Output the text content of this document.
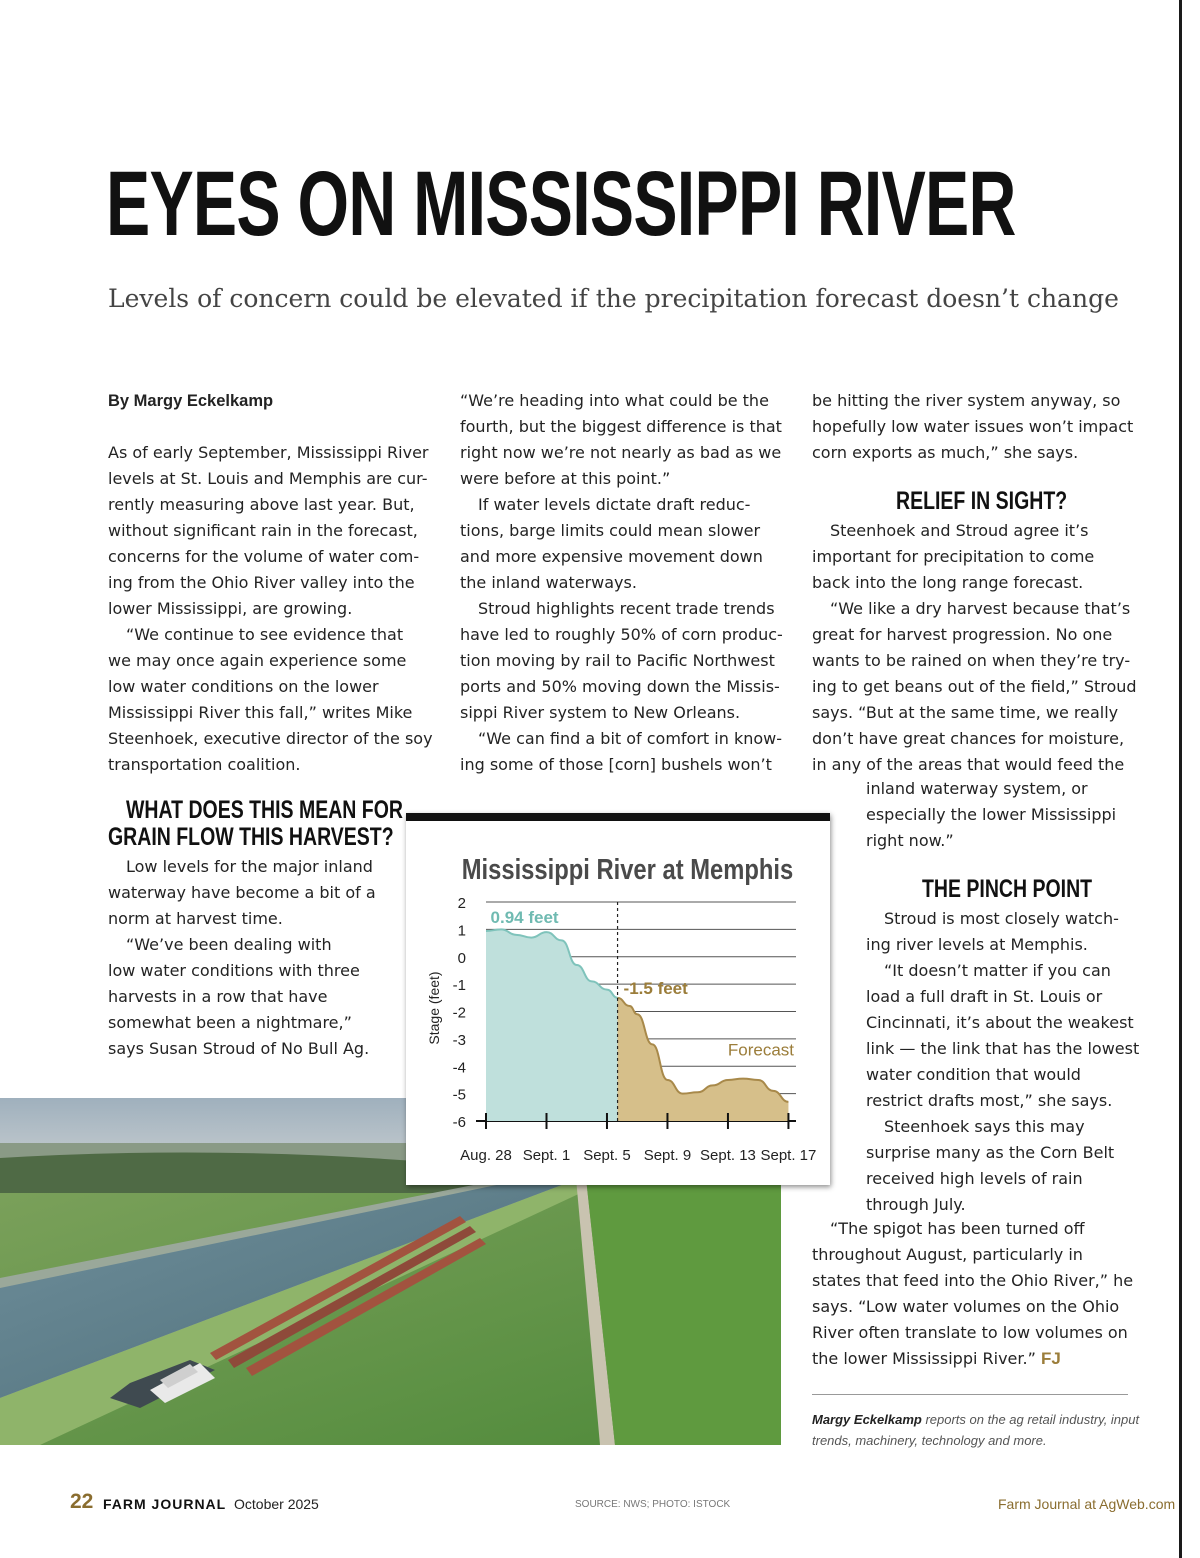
EYES ON MISSISSIPPI RIVER

Levels of concern could be elevated if the precipitation forecast doesn’t change

By Margy Eckelkamp

As of early September, Mississippi River

levels at St. Louis and Memphis are cur-

rently measuring above last year. But,

without significant rain in the forecast,

concerns for the volume of water com-

ing from the Ohio River valley into the

lower Mississippi, are growing.

“We continue to see evidence that

we may once again experience some

low water conditions on the lower

Mississippi River this fall,” writes Mike

Steenhoek, executive director of the soy

transportation coalition.

WHAT DOES THIS MEAN FOR
GRAIN FLOW THIS HARVEST?

Low levels for the major inland

waterway have become a bit of a

norm at harvest time.

“We’ve been dealing with

low water conditions with three

harvests in a row that have

somewhat been a nightmare,”

says Susan Stroud of No Bull Ag.

“We’re heading into what could be the

fourth, but the biggest difference is that

right now we’re not nearly as bad as we

were before at this point.”

If water levels dictate draft reduc-

tions, barge limits could mean slower

and more expensive movement down

the inland waterways.

Stroud highlights recent trade trends

have led to roughly 50% of corn produc-

tion moving by rail to Pacific Northwest

ports and 50% moving down the Missis-

sippi River system to New Orleans.

“We can find a bit of comfort in know-

ing some of those [corn] bushels won’t

be hitting the river system anyway, so

hopefully low water issues won’t impact

corn exports as much,” she says.

Steenhoek and Stroud agree it’s

important for precipitation to come

back into the long range forecast.

“We like a dry harvest because that’s

great for harvest progression. No one

wants to be rained on when they’re try-

ing to get beans out of the field,” Stroud

says. “But at the same time, we really

don’t have great chances for moisture,

in any of the areas that would feed the

RELIEF IN SIGHT?

inland waterway system, or

especially the lower Mississippi

right now.”

THE PINCH POINT

Stroud is most closely watch-

ing river levels at Memphis.

“It doesn’t matter if you can

load a full draft in St. Louis or

Cincinnati, it’s about the weakest

link — the link that has the lowest

water condition that would

restrict drafts most,” she says.

Steenhoek says this may

surprise many as the Corn Belt

received high levels of rain

through July.

“The spigot has been turned off

throughout August, particularly in

states that feed into the Ohio River,” he

says. “Low water volumes on the Ohio

River often translate to low volumes on

the lower Mississippi River.” FJ

Mississippi River at Memphis
Stage (feet)
2
1
0
-1
-2
-3
-4
-5
-6
Aug. 28 Sept. 1 Sept. 5 Sept. 9 Sept. 13 Sept. 17
0.94 feet
-1.5 feet
Forecast

Margy Eckelkamp reports on the ag retail industry, input

trends, machinery, technology and more.

22 FARM JOURNAL October 2025	SOURCE: NWS; PHOTO: ISTOCK	Farm Journal at AgWeb.com
